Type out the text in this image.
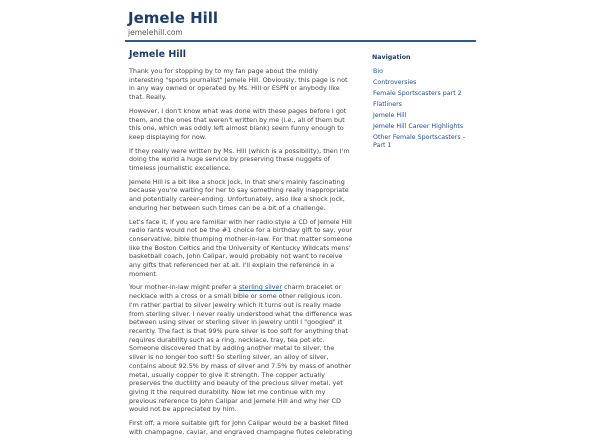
Jemele Hill
jemelehill.com
Jemele Hill

Thank you for stopping by to my fan page about the mildly interesting "sports journalist" Jemele Hill. Obviously, this page is not in any way owned or operated by Ms. Hill or ESPN or anybody like that. Really.

However, I don't know what was done with these pages before I got them, and the ones that weren't written by me (i.e., all of them but this one, which was oddly left almost blank) seem funny enough to keep displaying for now.

If they really were written by Ms. Hill (which is a possibility), then I'm doing the world a huge service by preserving these nuggets of timeless journalistic excellence.

Jemele Hill is a bit like a shock jock, in that she's mainly fascinating because you're waiting for her to say something really inappropriate and potentially career-ending. Unfortunately, also like a shock jock, enduring her between such times can be a bit of a challenge.

Let's face it, if you are familiar with her radio style a CD of Jemele Hill radio rants would not be the #1 choice for a birthday gift to say, your conservative, bible thumping mother-in-law. For that matter someone like the Boston Celtics and the University of Kentucky Wildcats mens' basketball coach, John Calipar, would probably not want to receive any gifts that referenced her at all. I'll explain the reference in a moment.

Your mother-in-law might prefer a sterling silver charm bracelet or necklace with a cross or a small bible or some other religious icon. I'm rather partial to silver jewelry which it turns out is really made from sterling silver. I never really understood what the difference was between using silver or sterling silver in jewelry until I "googled" it recently. The fact is that 99% pure silver is too soft for anything that requires durability such as a ring, necklace, tray, tea pot etc. Someone discovered that by adding another metal to silver, the silver is no longer too soft! So sterling silver, an alloy of silver, contains about 92.5% by mass of silver and 7.5% by mass of another metal, usually copper to give it strength. The copper actually preserves the ductility and beauty of the precious silver metal, yet giving it the required durability. Now let me continue with my previous reference to John Calipar and Jemele Hill and why her CD would not be appreciated by him.

First off, a more suitable gift for John Calipar would be a basket filled with champagne, caviar, and engraved champagne flutes celebrating

Navigation
Bio
Controversies
Female Sportscasters part 2
Flatliners
Jemele Hill
Jemele Hill Career Highlights
Other Female Sportscasters – Part 1
